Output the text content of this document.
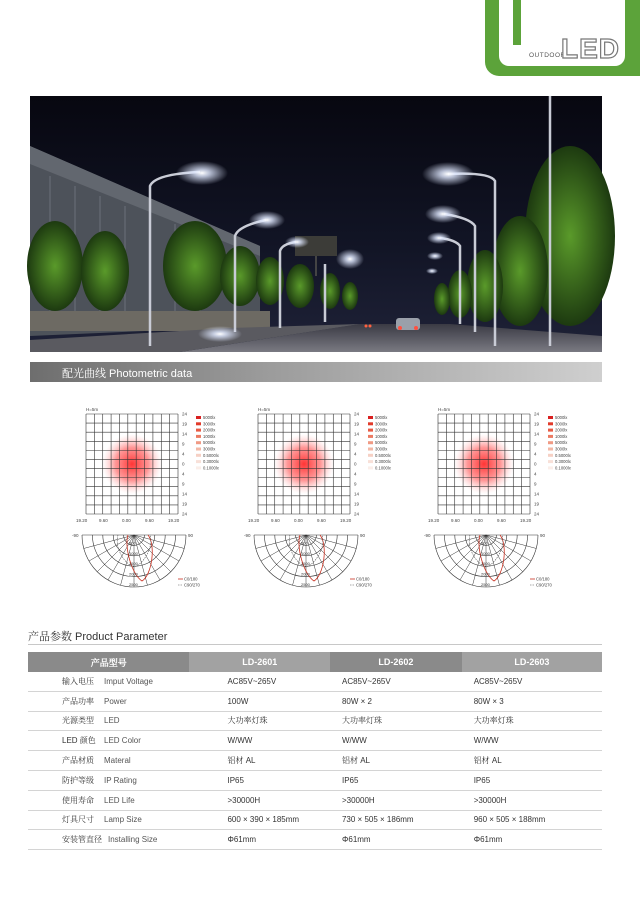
OUTDOOR
LED
配光曲线 Photometric data
H=5m
24
19
14
9
4
0
4
9
14
19
24
19.20	9.60	0.00	9.60	19.20
5000lx
3000lx
2000lx
1000lx
5000lx
3000lx
0.5000lx
0.3000lx
0.1000lx
-90	90
500
1000
1500
2000
2500
C0/180
C90/270
H=5m
24
19
14
9
4
0
4
9
14
19
24
19.20	9.60	0.00	9.60	19.20
5000lx
3000lx
2000lx
1000lx
5000lx
3000lx
0.5000lx
0.3000lx
0.1000lx
-90	90
500
1000
1500
2000
2500
C0/180
C90/270
H=5m
24
19
14
9
4
0
4
9
14
19
24
19.20	9.60	0.00	9.60	19.20
5000lx
3000lx
2000lx
1000lx
5000lx
3000lx
0.5000lx
0.3000lx
0.1000lx
-90	90
500
1000
1500
2000
2500
C0/180
C90/270
产品参数 Product Parameter
产品型号	LD-2601	LD-2602	LD-2603
输入电压 Imput Voltage	AC85V~265V	AC85V~265V	AC85V~265V
产品功率 Power	100W	80W × 2	80W × 3
光源类型 LED	大功率灯珠	大功率灯珠	大功率灯珠
LED 颜色 LED Color	W/WW	W/WW	W/WW
产品材质 Materal	铝材 AL	铝材 AL	铝材 AL
防护等级 IP Rating	IP65	IP65	IP65
使用寿命 LED Life	>30000H	>30000H	>30000H
灯具尺寸 Lamp Size	600 × 390 × 185mm	730 × 505 × 186mm	960 × 505 × 188mm
安装管直径 Installing Size	Φ61mm	Φ61mm	Φ61mm
